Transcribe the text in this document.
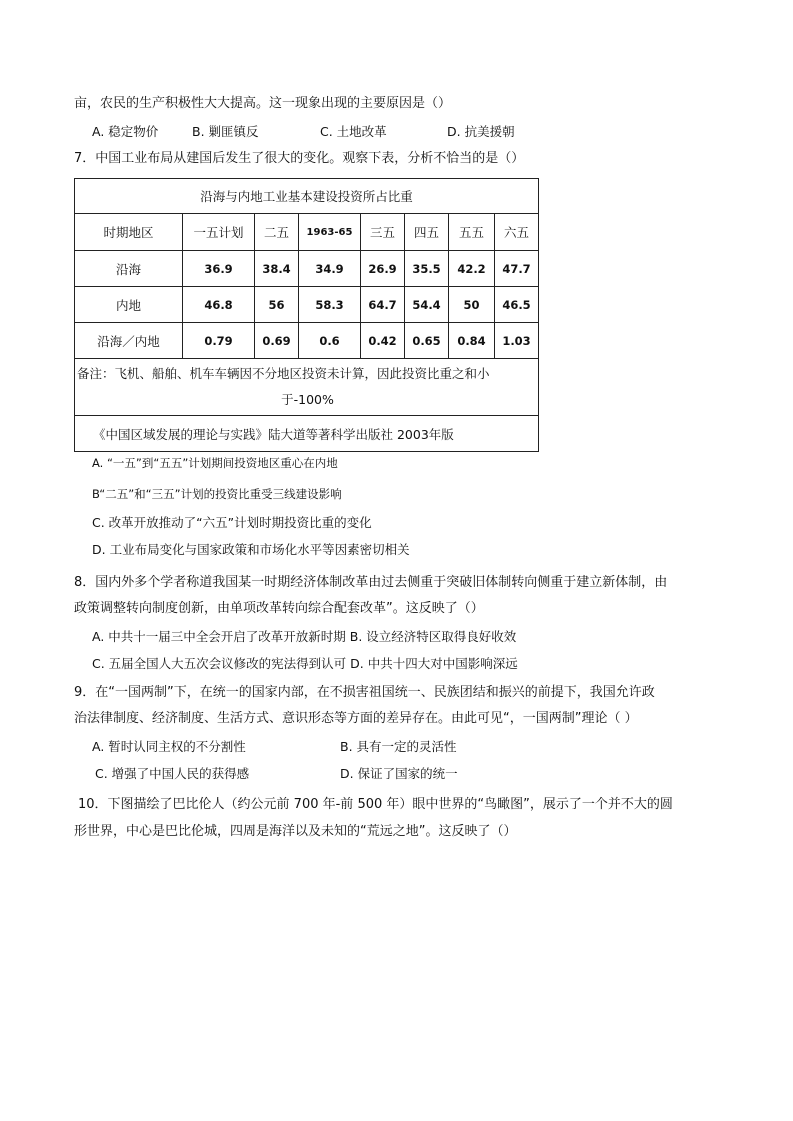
亩，农民的生产积极性大大提高。这一现象出现的主要原因是（）
A. 稳定物价	B. 剿匪镇反	C. 土地改革	D. 抗美援朝
7．中国工业布局从建国后发生了很大的变化。观察下表，分析不恰当的是（）
沿海与内地工业基本建设投资所占比重							
时期地区	一五计划	二五	1963-65	三五	四五	五五	六五
沿海	36.9	38.4	34.9	26.9	35.5	42.2	47.7
内地	46.8	56	58.3	64.7	54.4	50	46.5
沿海／内地	0.79	0.69	0.6	0.42	0.65	0.84	1.03
备注：飞机、船舶、机车车辆因不分地区投资未计算，因此投资比重之和小
于-100%							

《中国区域发展的理论与实践》陆大道等著科学出版社 2003年版							
A. “一五”到“五五”计划期间投资地区重心在内地
B“二五”和“三五”计划的投资比重受三线建设影响
C. 改革开放推动了“六五”计划时期投资比重的变化
D. 工业布局变化与国家政策和市场化水平等因素密切相关
8．国内外多个学者称道我国某一时期经济体制改革由过去侧重于突破旧体制转向侧重于建立新体制，由
政策调整转向制度创新，由单项改革转向综合配套改革”。这反映了（）
A. 中共十一届三中全会开启了改革开放新时期 B. 设立经济特区取得良好收效
C. 五届全国人大五次会议修改的宪法得到认可 D. 中共十四大对中国影响深远
9．在“一国两制”下，在统一的国家内部，在不损害祖国统一、民族团结和振兴的前提下，我国允许政
治法律制度、经济制度、生活方式、意识形态等方面的差异存在。由此可见“，一国两制”理论（ ）
A. 暂时认同主权的不分割性	B. 具有一定的灵活性
C. 增强了中国人民的获得感	D. 保证了国家的统一
10．下图描绘了巴比伦人（约公元前 700 年-前 500 年）眼中世界的“鸟瞰图”，展示了一个并不大的圆
形世界，中心是巴比伦城，四周是海洋以及未知的“荒远之地”。这反映了（）
